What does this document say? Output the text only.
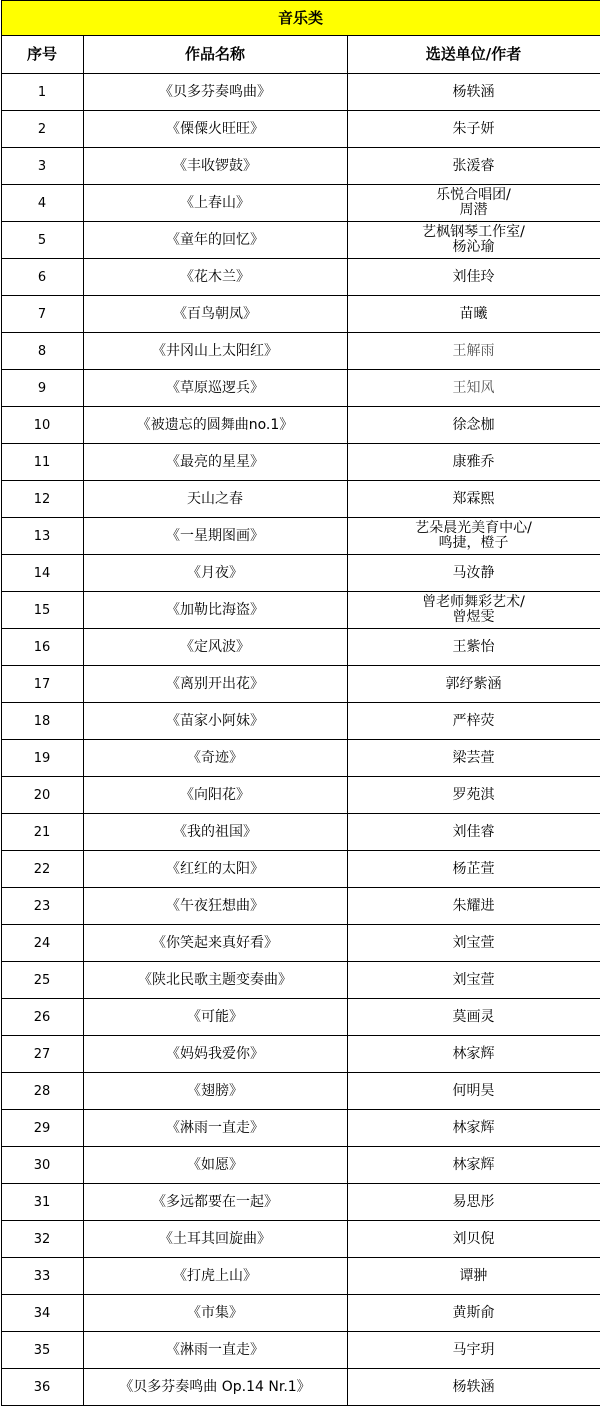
音乐类		
序号	作品名称	选送单位/作者
1	《贝多芬奏鸣曲》	杨轶涵

2	《傈僳火旺旺》	朱子妍

3	《丰收锣鼓》	张湲睿

4	《上春山》	乐悦合唱团/
周潜

5	《童年的回忆》	艺枫钢琴工作室/
杨沁瑜

6	《花木兰》	刘佳玲

7	《百鸟朝凤》	苗曦

8	《井冈山上太阳红》	王解雨

9	《草原巡逻兵》	王知风

10	《被遗忘的圆舞曲no.1》	徐念枷

11	《最亮的星星》	康雅乔

12	天山之春	郑霖熙

13	《一星期图画》	艺朵晨光美育中心/
鸣捷，橙子

14	《月夜》	马汝静

15	《加勒比海盗》	曾老师舞彩艺术/
曾煜雯

16	《定风波》	王紫怡

17	《离别开出花》	郭纾紫涵

18	《苗家小阿妹》	严梓荧

19	《奇迹》	梁芸萱

20	《向阳花》	罗苑淇

21	《我的祖国》	刘佳睿

22	《红红的太阳》	杨芷萱

23	《午夜狂想曲》	朱耀进

24	《你笑起来真好看》	刘宝萱

25	《陕北民歌主题变奏曲》	刘宝萱

26	《可能》	莫画灵

27	《妈妈我爱你》	林家辉

28	《翅膀》	何明昊

29	《淋雨一直走》	林家辉

30	《如愿》	林家辉

31	《多远都要在一起》	易思彤

32	《土耳其回旋曲》	刘贝倪

33	《打虎上山》	谭翀

34	《市集》	黄斯俞

35	《淋雨一直走》	马宇玥

36	《贝多芬奏鸣曲 Op.14 Nr.1》	杨轶涵
